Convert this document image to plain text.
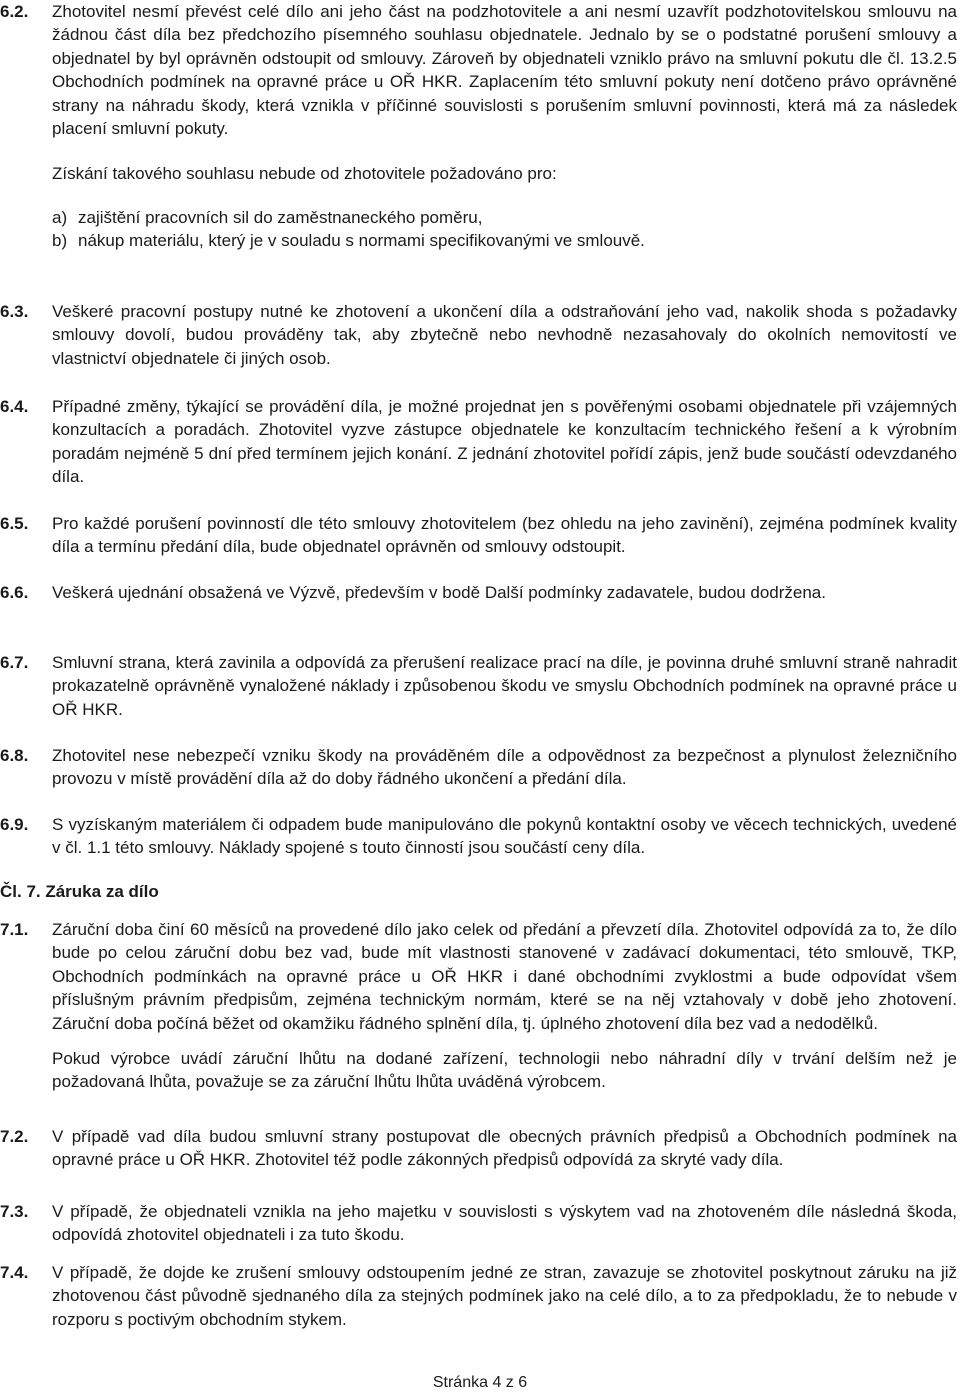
6.2.	Zhotovitel nesmí převést celé dílo ani jeho část na podzhotovitele a ani nesmí uzavřít podzhotovitelskou smlouvu na žádnou část díla bez předchozího písemného souhlasu objednatele. Jednalo by se o podstatné porušení smlouvy a objednatel by byl oprávněn odstoupit od smlouvy. Zároveň by objednateli vzniklo právo na smluvní pokutu dle čl. 13.2.5 Obchodních podmínek na opravné práce u OŘ HKR. Zaplacením této smluvní pokuty není dotčeno právo oprávněné strany na náhradu škody, která vznikla v příčinné souvislosti s porušením smluvní povinnosti, která má za následek placení smluvní pokuty.

Získání takového souhlasu nebude od zhotovitele požadováno pro:

a) zajištění pracovních sil do zaměstnaneckého poměru,
b) nákup materiálu, který je v souladu s normami specifikovanými ve smlouvě.
6.3.	Veškeré pracovní postupy nutné ke zhotovení a ukončení díla a odstraňování jeho vad, nakolik shoda s požadavky smlouvy dovolí, budou prováděny tak, aby zbytečně nebo nevhodně nezasahovaly do okolních nemovitostí ve vlastnictví objednatele či jiných osob.

6.4.	Případné změny, týkající se provádění díla, je možné projednat jen s pověřenými osobami objednatele při vzájemných konzultacích a poradách. Zhotovitel vyzve zástupce objednatele ke konzultacím technického řešení a k výrobním poradám nejméně 5 dní před termínem jejich konání. Z jednání zhotovitel pořídí zápis, jenž bude součástí odevzdaného díla.

6.5.	Pro každé porušení povinností dle této smlouvy zhotovitelem (bez ohledu na jeho zavinění), zejména podmínek kvality díla a termínu předání díla, bude objednatel oprávněn od smlouvy odstoupit.

6.6.	Veškerá ujednání obsažená ve Výzvě, především v bodě Další podmínky zadavatele, budou dodržena.

6.7.	Smluvní strana, která zavinila a odpovídá za přerušení realizace prací na díle, je povinna druhé smluvní straně nahradit prokazatelně oprávněně vynaložené náklady i způsobenou škodu ve smyslu Obchodních podmínek na opravné práce u OŘ HKR.

6.8.	Zhotovitel nese nebezpečí vzniku škody na prováděném díle a odpovědnost za bezpečnost a plynulost železničního provozu v místě provádění díla až do doby řádného ukončení a předání díla.

6.9.	S vyzískaným materiálem či odpadem bude manipulováno dle pokynů kontaktní osoby ve věcech technických, uvedené v čl. 1.1 této smlouvy. Náklady spojené s touto činností jsou součástí ceny díla.

Čl. 7. Záruka za dílo
7.1.	Záruční doba činí 60 měsíců na provedené dílo jako celek od předání a převzetí díla. Zhotovitel odpovídá za to, že dílo bude po celou záruční dobu bez vad, bude mít vlastnosti stanovené v zadávací dokumentaci, této smlouvě, TKP, Obchodních podmínkách na opravné práce u OŘ HKR i dané obchodními zvyklostmi a bude odpovídat všem příslušným právním předpisům, zejména technickým normám, které se na něj vztahovaly v době jeho zhotovení. Záruční doba počíná běžet od okamžiku řádného splnění díla, tj. úplného zhotovení díla bez vad a nedodělků.

Pokud výrobce uvádí záruční lhůtu na dodané zařízení, technologii nebo náhradní díly v trvání delším než je požadovaná lhůta, považuje se za záruční lhůtu lhůta uváděná výrobcem.

7.2.	V případě vad díla budou smluvní strany postupovat dle obecných právních předpisů a Obchodních podmínek na opravné práce u OŘ HKR. Zhotovitel též podle zákonných předpisů odpovídá za skryté vady díla.

7.3.	V případě, že objednateli vznikla na jeho majetku v souvislosti s výskytem vad na zhotoveném díle následná škoda, odpovídá zhotovitel objednateli i za tuto škodu.

7.4.	V případě, že dojde ke zrušení smlouvy odstoupením jedné ze stran, zavazuje se zhotovitel poskytnout záruku na již zhotovenou část původně sjednaného díla za stejných podmínek jako na celé dílo, a to za předpokladu, že to nebude v rozporu s poctivým obchodním stykem.

Stránka 4 z 6
